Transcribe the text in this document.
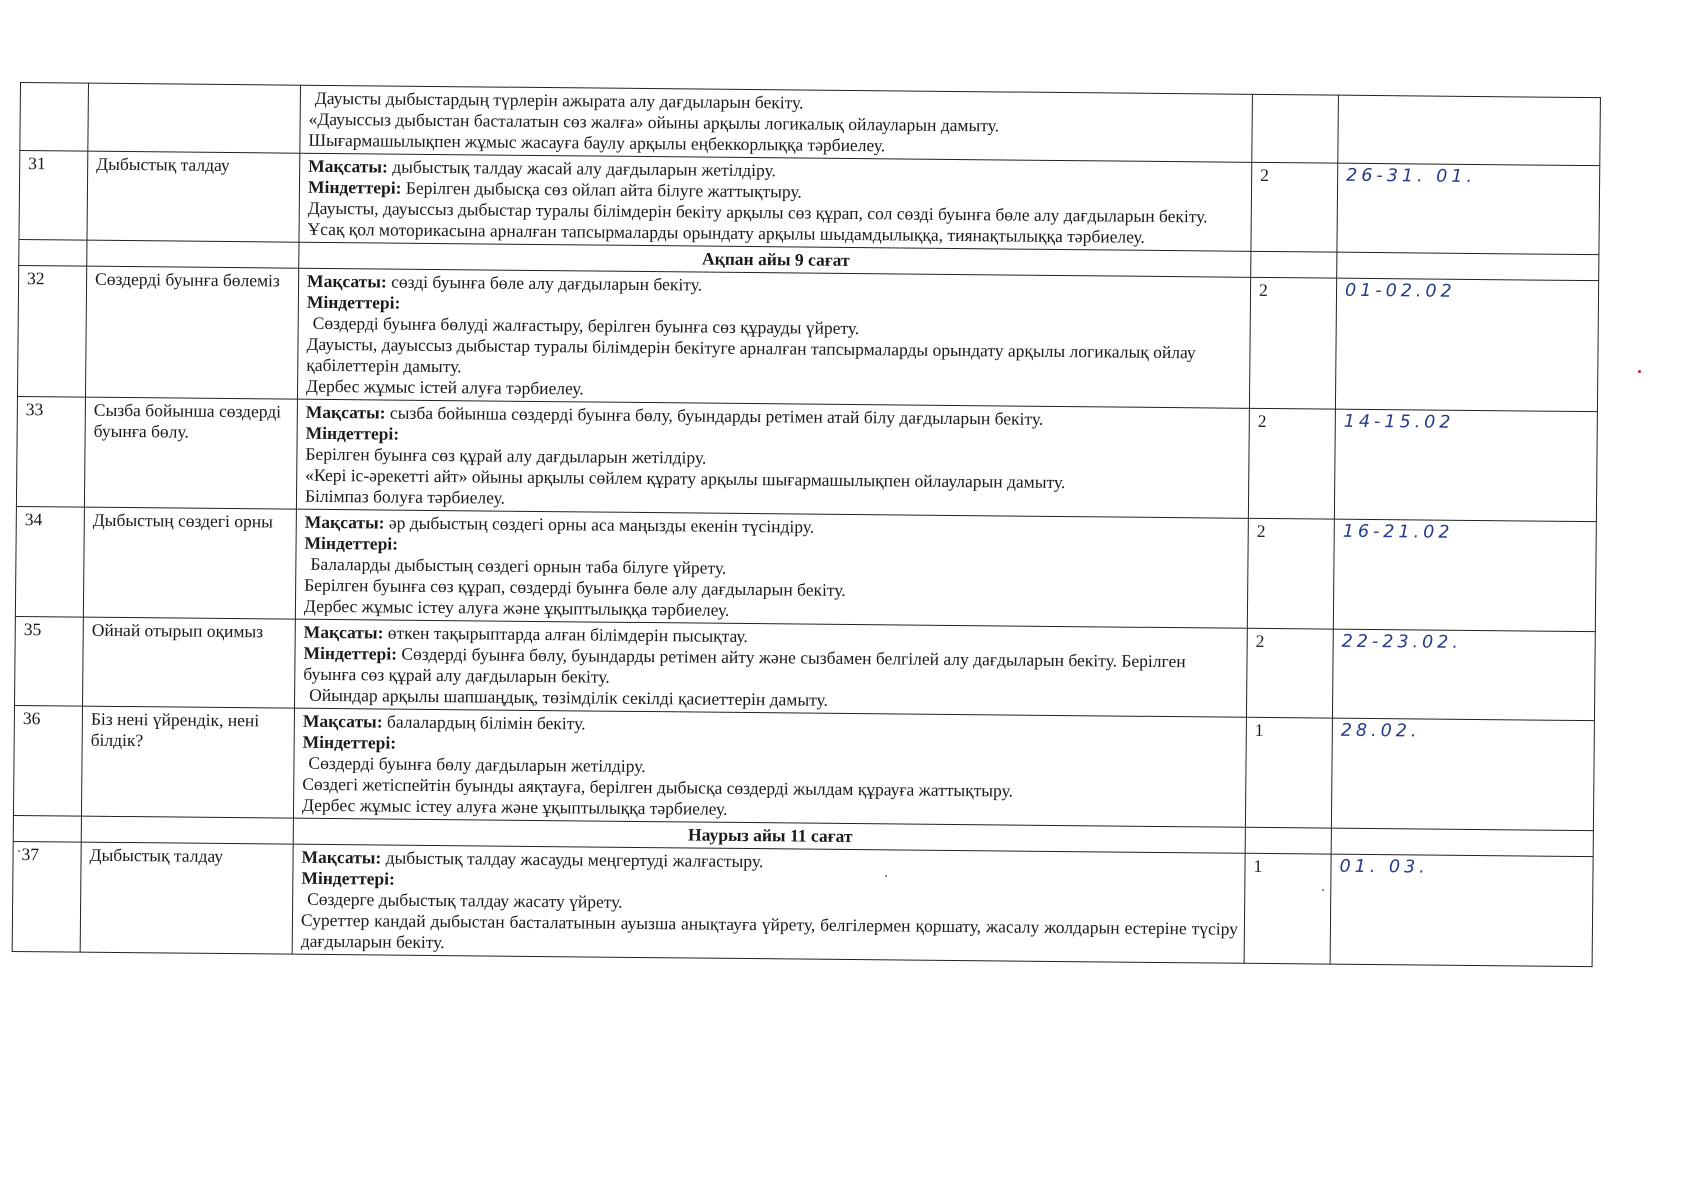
		Дауысты дыбыстардың түрлерін ажырата алу дағдыларын бекіту.

«Дауыссыз дыбыстан басталатын сөз жалға» ойыны арқылы логикалық ойлауларын дамыту.

Шығармашылықпен жұмыс жасауға баулу арқылы еңбеккорлыққа тәрбиелеу.		

31	Дыбыстық талдау	Мақсаты: дыбыстық талдау жасай алу дағдыларын жетілдіру.

Міндеттері: Берілген дыбысқа сөз ойлап айта білуге жаттықтыру.

Дауысты, дауыссыз дыбыстар туралы білімдерін бекіту арқылы сөз құрап, сол сөзді буынға бөле алу дағдыларын бекіту.

Ұсақ қол моторикасына арналған тапсырмаларды орындату арқылы шыдамдылыққа, тиянақтылыққа тәрбиелеу.	2	26-31. 01.
		Ақпан айы 9 сағат		
32	Сөздерді буынға бөлеміз	Мақсаты: сөзді буынға бөле алу дағдыларын бекіту.

Міндеттері:

Сөздерді буынға бөлуді жалғастыру, берілген буынға сөз құрауды үйрету.

Дауысты, дауыссыз дыбыстар туралы білімдерін бекітуге арналған тапсырмаларды орындату арқылы логикалық ойлау қабілеттерін дамыту.

Дербес жұмыс істей алуға тәрбиелеу.	2	01-02.02
33	Сызба бойынша сөздерді буынға бөлу.	Мақсаты: сызба бойынша сөздерді буынға бөлу, буындарды ретімен атай білу дағдыларын бекіту.

Міндеттері:

Берілген буынға сөз құрай алу дағдыларын жетілдіру.

«Кері іс-әрекетті айт» ойыны арқылы сөйлем құрату арқылы шығармашылықпен ойлауларын дамыту.

Білімпаз болуға тәрбиелеу.	2	14-15.02
34	Дыбыстың сөздегі орны	Мақсаты: әр дыбыстың сөздегі орны аса маңызды екенін түсіндіру.

Міндеттері:

Балаларды дыбыстың сөздегі орнын таба білуге үйрету.

Берілген буынға сөз құрап, сөздерді буынға бөле алу дағдыларын бекіту.

Дербес жұмыс істеу алуға және ұқыптылыққа тәрбиелеу.	2	16-21.02
35	Ойнай отырып оқимыз	Мақсаты: өткен тақырыптарда алған білімдерін пысықтау.

Міндеттері: Сөздерді буынға бөлу, буындарды ретімен айту және сызбамен белгілей алу дағдыларын бекіту. Берілген буынға сөз құрай алу дағдыларын бекіту.

Ойындар арқылы шапшаңдық, төзімділік секілді қасиеттерін дамыту.	2	22-23.02.
36	Біз нені үйрендік, нені білдік?	Мақсаты: балалардың білімін бекіту.

Міндеттері:

Сөздерді буынға бөлу дағдыларын жетілдіру.

Сөздегі жетіспейтін буынды аяқтауға, берілген дыбысқа сөздерді жылдам құрауға жаттықтыру.

Дербес жұмыс істеу алуға және ұқыптылыққа тәрбиелеу.	1	28.02.
		Наурыз айы 11 сағат		
37	Дыбыстық талдау	Мақсаты: дыбыстық талдау жасауды меңгертуді жалғастыру.

Міндеттері:

Сөздерге дыбыстық талдау жасату үйрету.

Суреттер кандай дыбыстан басталатынын ауызша анықтауға үйрету, белгілермен қоршату, жасалу жолдарын естеріне түсіру дағдыларын бекіту.	1	01. 03.
